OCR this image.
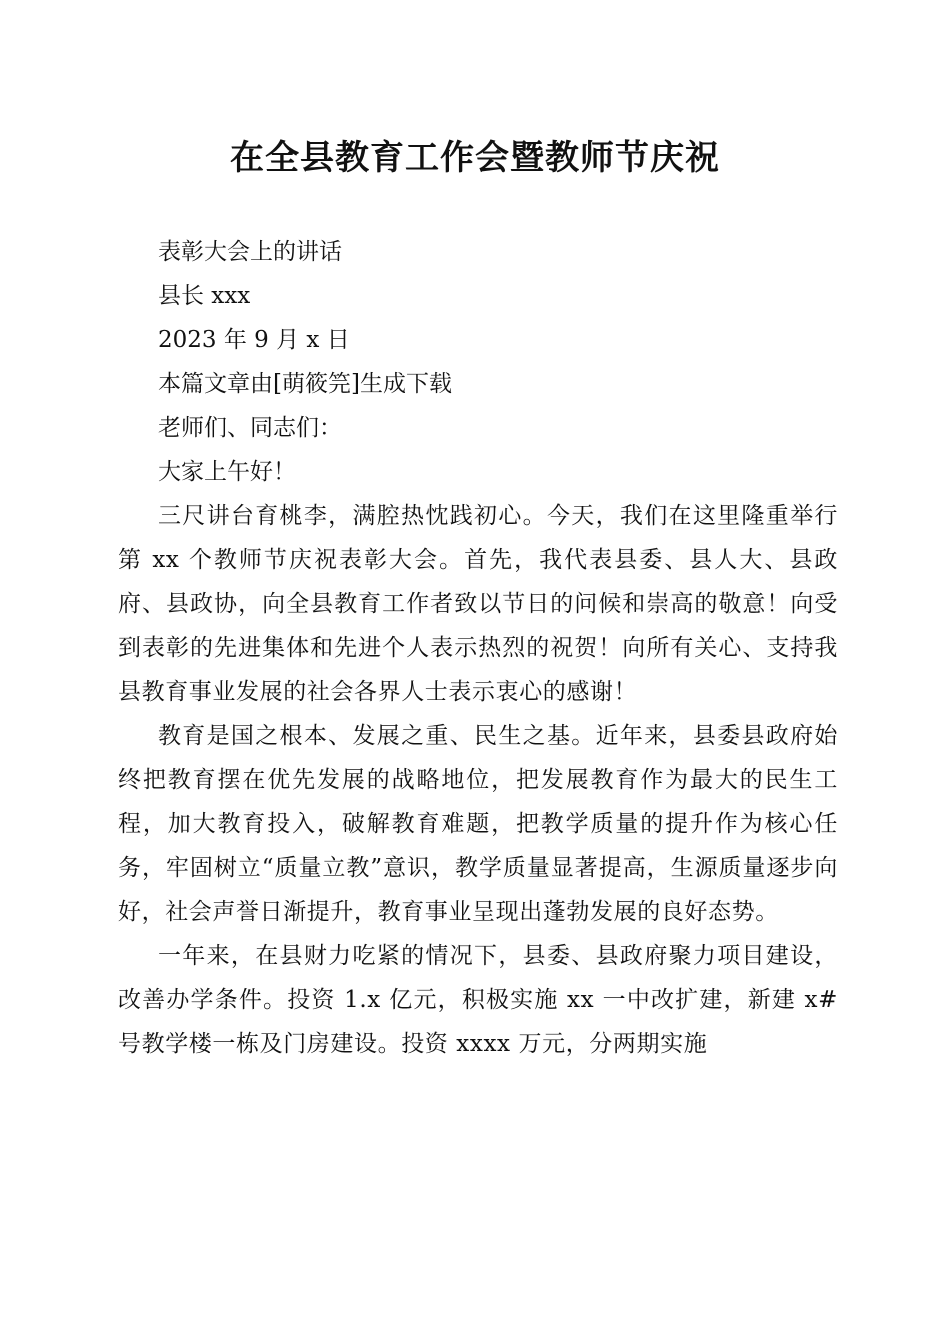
在全县教育工作会暨教师节庆祝

表彰大会上的讲话

县长 xxx

2023 年 9 月 x 日

本篇文章由[萌筱笎]生成下载

老师们、同志们：

大家上午好！

三尺讲台育桃李，满腔热忱践初心。今天，我们在这里隆重举行第 xx 个教师节庆祝表彰大会。首先，我代表县委、县人大、县政府、县政协，向全县教育工作者致以节日的问候和崇高的敬意！向受到表彰的先进集体和先进个人表示热烈的祝贺！向所有关心、支持我县教育事业发展的社会各界人士表示衷心的感谢！

教育是国之根本、发展之重、民生之基。近年来，县委县政府始终把教育摆在优先发展的战略地位，把发展教育作为最大的民生工程，加大教育投入，破解教育难题，把教学质量的提升作为核心任务，牢固树立“质量立教”意识，教学质量显著提高，生源质量逐步向好，社会声誉日渐提升，教育事业呈现出蓬勃发展的良好态势。

一年来，在县财力吃紧的情况下，县委、县政府聚力项目建设，改善办学条件。投资 1.x 亿元，积极实施 xx 一中改扩建，新建 x#号教学楼一栋及门房建设。投资 xxxx 万元，分两期实施
